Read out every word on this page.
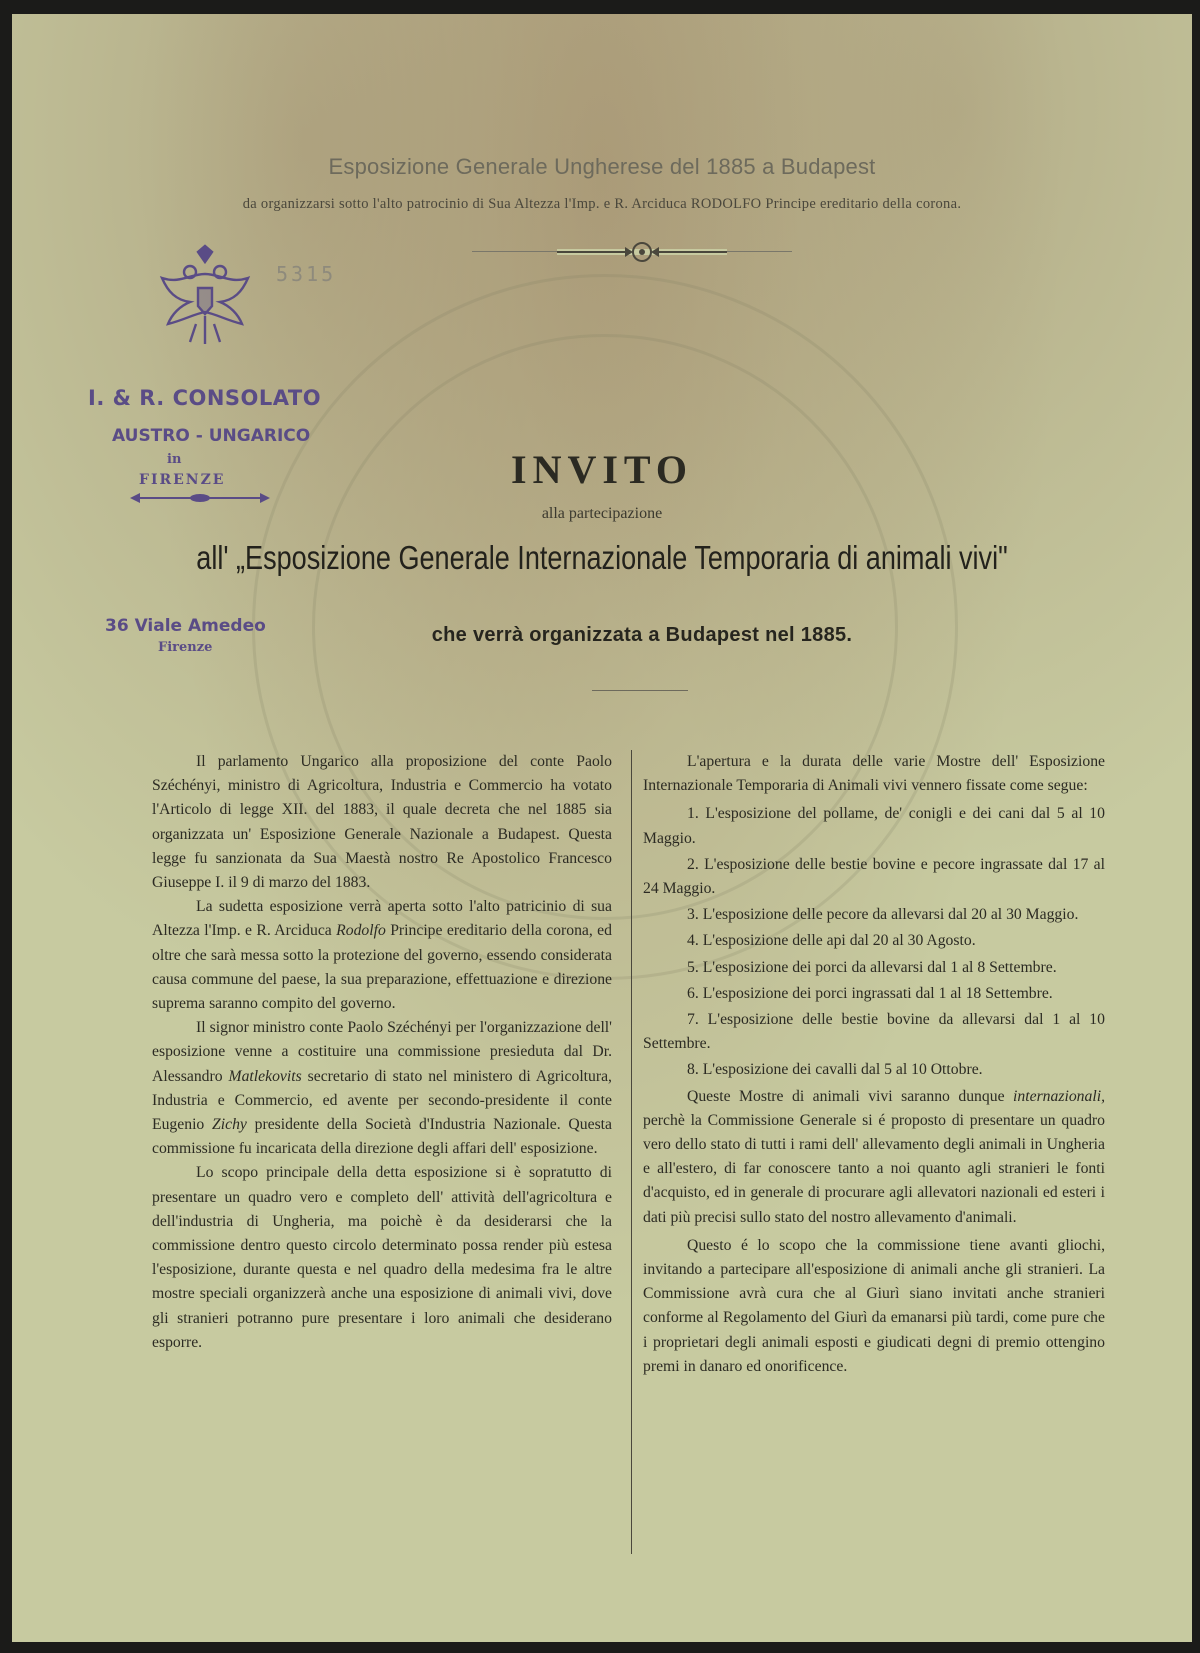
Esposizione Generale Ungherese del 1885 a Budapest
da organizzarsi sotto l'alto patrocinio di Sua Altezza l'Imp. e R. Arciduca RODOLFO Principe ereditario della corona.
5315
I. & R. CONSOLATO
AUSTRO - UNGARICO
in
FIRENZE
36 Viale Amedeo
Firenze
INVITO
alla partecipazione
all' „Esposizione Generale Internazionale Temporaria di animali vivi"
che verrà organizzata a Budapest nel 1885.

Il parlamento Ungarico alla proposizione del conte Paolo Széchényi, ministro di Agricoltura, Industria e Commercio ha votato l'Articolo di legge XII. del 1883, il quale decreta che nel 1885 sia organizzata un' Esposizione Generale Nazionale a Budapest. Questa legge fu sanzionata da Sua Maestà nostro Re Apostolico Francesco Giuseppe I. il 9 di marzo del 1883.

La sudetta esposizione verrà aperta sotto l'alto patricinio di sua Altezza l'Imp. e R. Arciduca Rodolfo Principe ereditario della corona, ed oltre che sarà messa sotto la protezione del governo, essendo considerata causa commune del paese, la sua preparazione, effettuazione e direzione suprema saranno compito del governo.

Il signor ministro conte Paolo Széchényi per l'organizzazione dell' esposizione venne a costituire una commissione presieduta dal Dr. Alessandro Matlekovits secretario di stato nel ministero di Agricoltura, Industria e Commercio, ed avente per secondo-presidente il conte Eugenio Zichy presidente della Società d'Industria Nazionale. Questa commissione fu incaricata della direzione degli affari dell' esposizione.

Lo scopo principale della detta esposizione si è sopratutto di presentare un quadro vero e completo dell' attività dell'agricoltura e dell'industria di Ungheria, ma poichè è da desiderarsi che la commissione dentro questo circolo determinato possa render più estesa l'esposizione, durante questa e nel quadro della medesima fra le altre mostre speciali organizzerà anche una esposizione di animali vivi, dove gli stranieri potranno pure presentare i loro animali che desiderano esporre.

L'apertura e la durata delle varie Mostre dell' Esposizione Internazionale Temporaria di Animali vivi vennero fissate come segue:

1. L'esposizione del pollame, de' conigli e dei cani dal 5 al 10 Maggio.

2. L'esposizione delle bestie bovine e pecore ingrassate dal 17 al 24 Maggio.

3. L'esposizione delle pecore da allevarsi dal 20 al 30 Maggio.

4. L'esposizione delle api dal 20 al 30 Agosto.

5. L'esposizione dei porci da allevarsi dal 1 al 8 Settembre.

6. L'esposizione dei porci ingrassati dal 1 al 18 Settembre.

7. L'esposizione delle bestie bovine da allevarsi dal 1 al 10 Settembre.

8. L'esposizione dei cavalli dal 5 al 10 Ottobre.

Queste Mostre di animali vivi saranno dunque internazionali, perchè la Commissione Generale si é proposto di presentare un quadro vero dello stato di tutti i rami dell' allevamento degli animali in Ungheria e all'estero, di far conoscere tanto a noi quanto agli stranieri le fonti d'acquisto, ed in generale di procurare agli allevatori nazionali ed esteri i dati più precisi sullo stato del nostro allevamento d'animali.

Questo é lo scopo che la commissione tiene avanti gliochi, invitando a partecipare all'esposizione di animali anche gli stranieri. La Commissione avrà cura che al Giurì siano invitati anche stranieri conforme al Regolamento del Giurì da emanarsi più tardi, come pure che i proprietari degli animali esposti e giudicati degni di premio ottengino premi in danaro ed onorificence.
